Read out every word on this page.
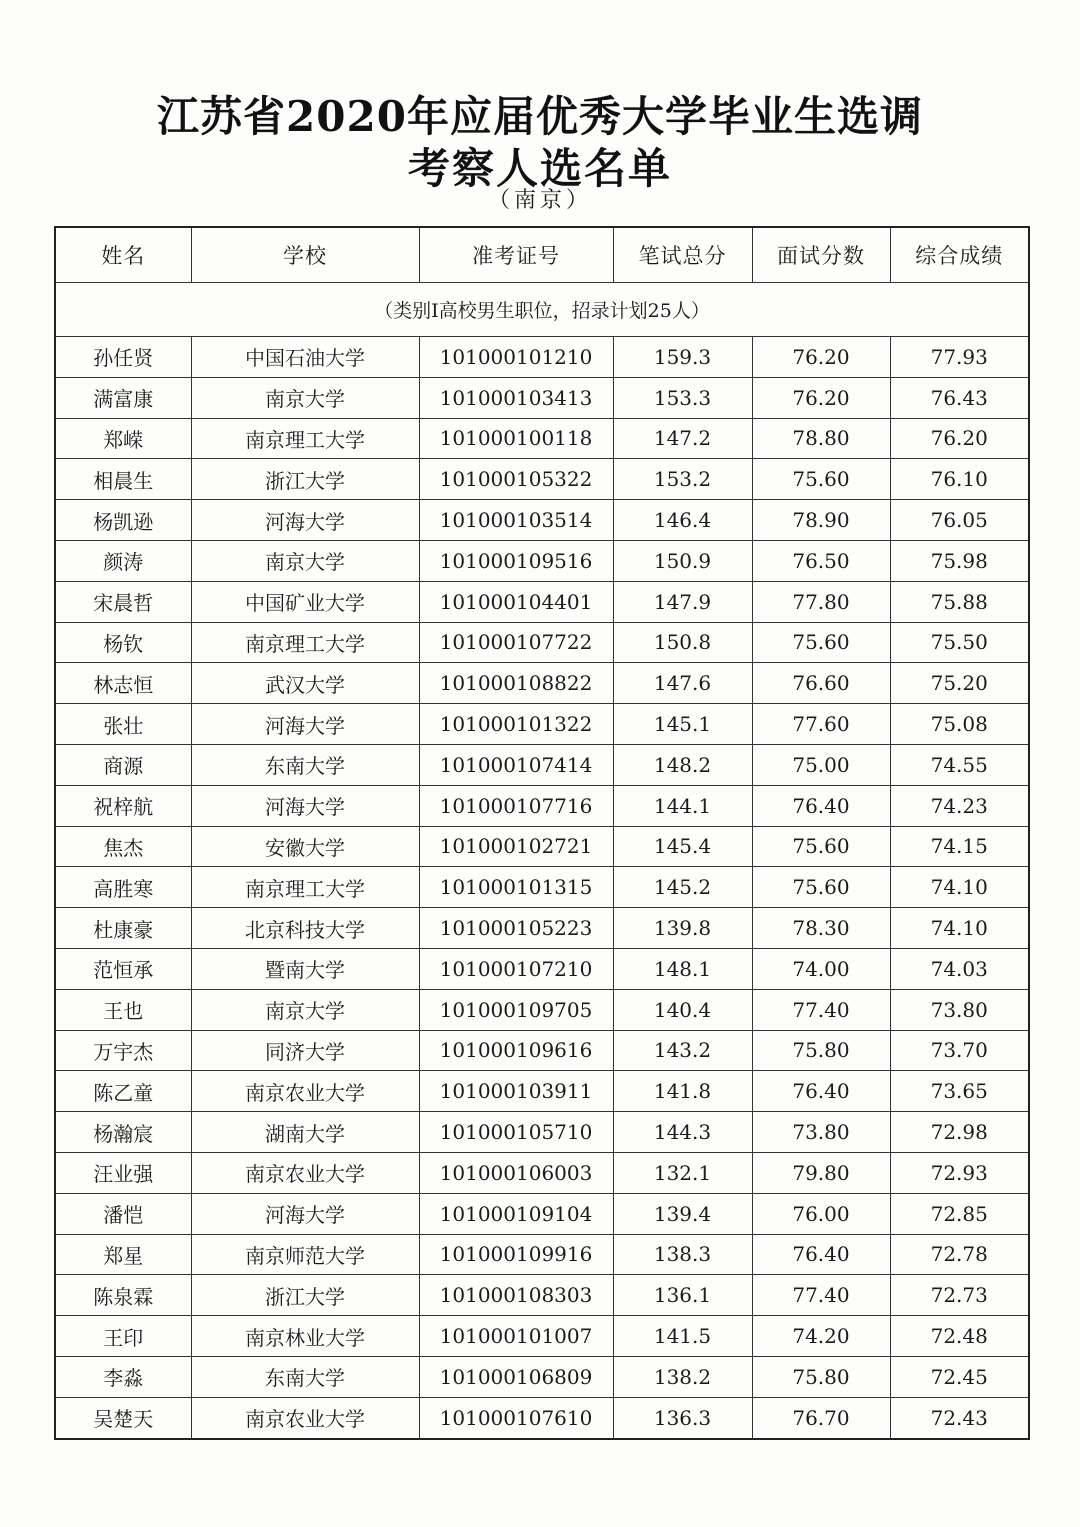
江苏省2020年应届优秀大学毕业生选调
考察人选名单
（南京）
姓名	学校	准考证号	笔试总分	面试分数	综合成绩
（类别I高校男生职位，招录计划25人）					
孙任贤	中国石油大学	101000101210	159.3	76.20	77.93
满富康	南京大学	101000103413	153.3	76.20	76.43
郑嵘	南京理工大学	101000100118	147.2	78.80	76.20
相晨生	浙江大学	101000105322	153.2	75.60	76.10
杨凯逊	河海大学	101000103514	146.4	78.90	76.05
颜涛	南京大学	101000109516	150.9	76.50	75.98
宋晨哲	中国矿业大学	101000104401	147.9	77.80	75.88
杨钦	南京理工大学	101000107722	150.8	75.60	75.50
林志恒	武汉大学	101000108822	147.6	76.60	75.20
张壮	河海大学	101000101322	145.1	77.60	75.08
商源	东南大学	101000107414	148.2	75.00	74.55
祝梓航	河海大学	101000107716	144.1	76.40	74.23
焦杰	安徽大学	101000102721	145.4	75.60	74.15
高胜寒	南京理工大学	101000101315	145.2	75.60	74.10
杜康豪	北京科技大学	101000105223	139.8	78.30	74.10
范恒承	暨南大学	101000107210	148.1	74.00	74.03
王也	南京大学	101000109705	140.4	77.40	73.80
万宇杰	同济大学	101000109616	143.2	75.80	73.70
陈乙童	南京农业大学	101000103911	141.8	76.40	73.65
杨瀚宸	湖南大学	101000105710	144.3	73.80	72.98
汪业强	南京农业大学	101000106003	132.1	79.80	72.93
潘恺	河海大学	101000109104	139.4	76.00	72.85
郑星	南京师范大学	101000109916	138.3	76.40	72.78
陈泉霖	浙江大学	101000108303	136.1	77.40	72.73
王印	南京林业大学	101000101007	141.5	74.20	72.48
李淼	东南大学	101000106809	138.2	75.80	72.45
吴楚天	南京农业大学	101000107610	136.3	76.70	72.43
